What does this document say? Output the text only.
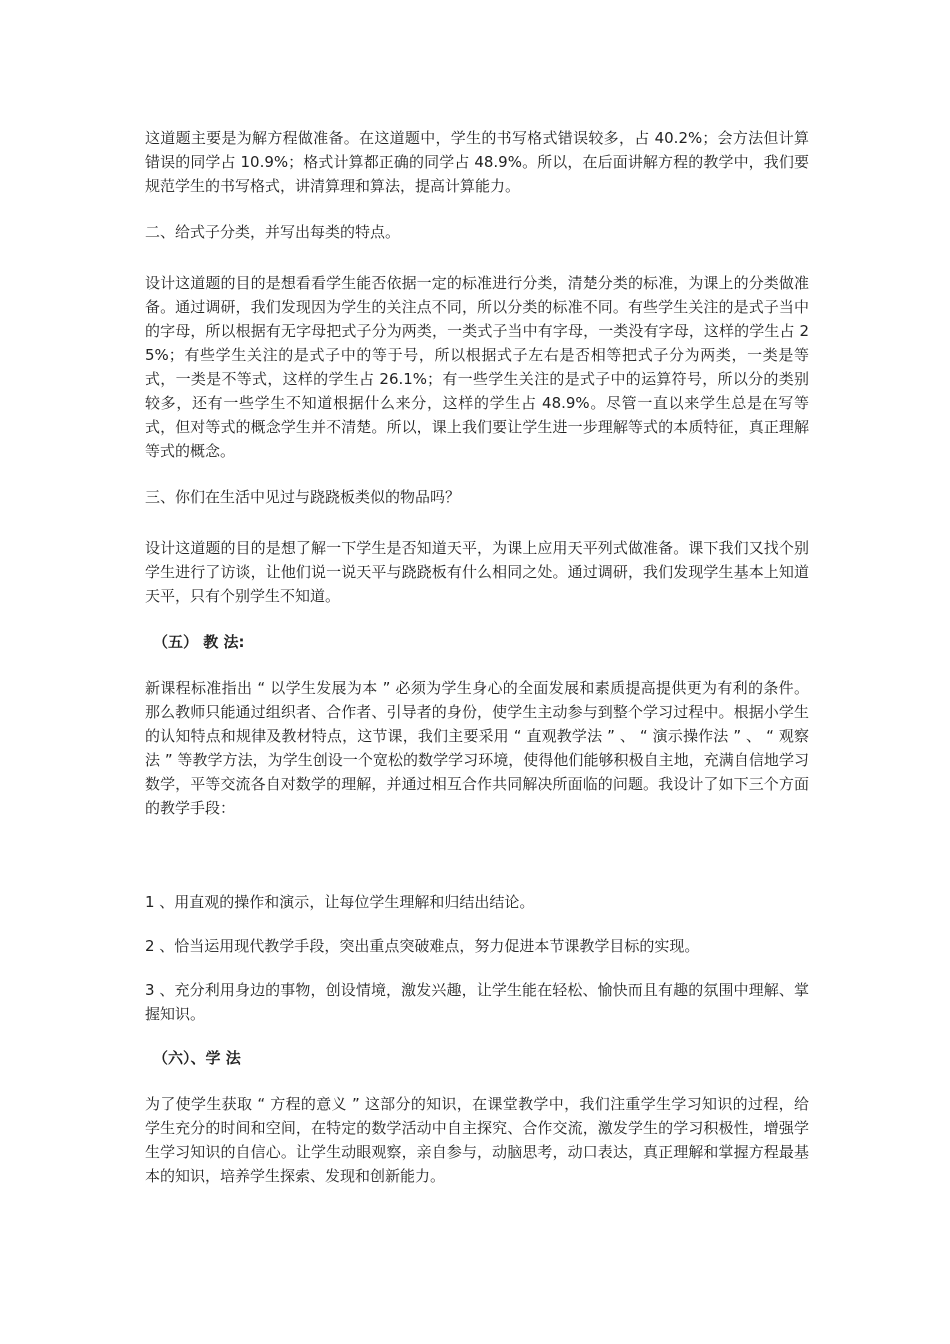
这道题主要是为解方程做准备。在这道题中，学生的书写格式错误较多，占 40.2%；会方法但计算错误的同学占 10.9%；格式计算都正确的同学占 48.9%。所以，在后面讲解方程的教学中，我们要规范学生的书写格式，讲清算理和算法，提高计算能力。

二、给式子分类，并写出每类的特点。

设计这道题的目的是想看看学生能否依据一定的标准进行分类，清楚分类的标准，为课上的分类做准备。通过调研，我们发现因为学生的关注点不同，所以分类的标准不同。有些学生关注的是式子当中的字母，所以根据有无字母把式子分为两类，一类式子当中有字母，一类没有字母，这样的学生占 25%；有些学生关注的是式子中的等于号，所以根据式子左右是否相等把式子分为两类，一类是等式，一类是不等式，这样的学生占 26.1%；有一些学生关注的是式子中的运算符号，所以分的类别较多，还有一些学生不知道根据什么来分，这样的学生占 48.9%。尽管一直以来学生总是在写等式，但对等式的概念学生并不清楚。所以，课上我们要让学生进一步理解等式的本质特征，真正理解等式的概念。

三、你们在生活中见过与跷跷板类似的物品吗？

设计这道题的目的是想了解一下学生是否知道天平，为课上应用天平列式做准备。课下我们又找个别学生进行了访谈，让他们说一说天平与跷跷板有什么相同之处。通过调研，我们发现学生基本上知道天平，只有个别学生不知道。

（五） 教 法:

新课程标准指出 “ 以学生发展为本 ” 必须为学生身心的全面发展和素质提高提供更为有利的条件。那么教师只能通过组织者、合作者、引导者的身份，使学生主动参与到整个学习过程中。根据小学生的认知特点和规律及教材特点，这节课，我们主要采用 “ 直观教学法 ” 、 “ 演示操作法 ” 、 “ 观察法 ” 等教学方法，为学生创设一个宽松的数学学习环境，使得他们能够积极自主地，充满自信地学习数学，平等交流各自对数学的理解，并通过相互合作共同解决所面临的问题。我设计了如下三个方面的教学手段：

1 、用直观的操作和演示，让每位学生理解和归结出结论。

2 、恰当运用现代教学手段，突出重点突破难点，努力促进本节课教学目标的实现。

3 、充分利用身边的事物，创设情境，激发兴趣，让学生能在轻松、愉快而且有趣的氛围中理解、掌握知识。

（六）、学 法

为了使学生获取 “ 方程的意义 ” 这部分的知识，在课堂教学中，我们注重学生学习知识的过程，给学生充分的时间和空间，在特定的数学活动中自主探究、合作交流，激发学生的学习积极性，增强学生学习知识的自信心。让学生动眼观察，亲自参与，动脑思考，动口表达，真正理解和掌握方程最基本的知识，培养学生探索、发现和创新能力。
